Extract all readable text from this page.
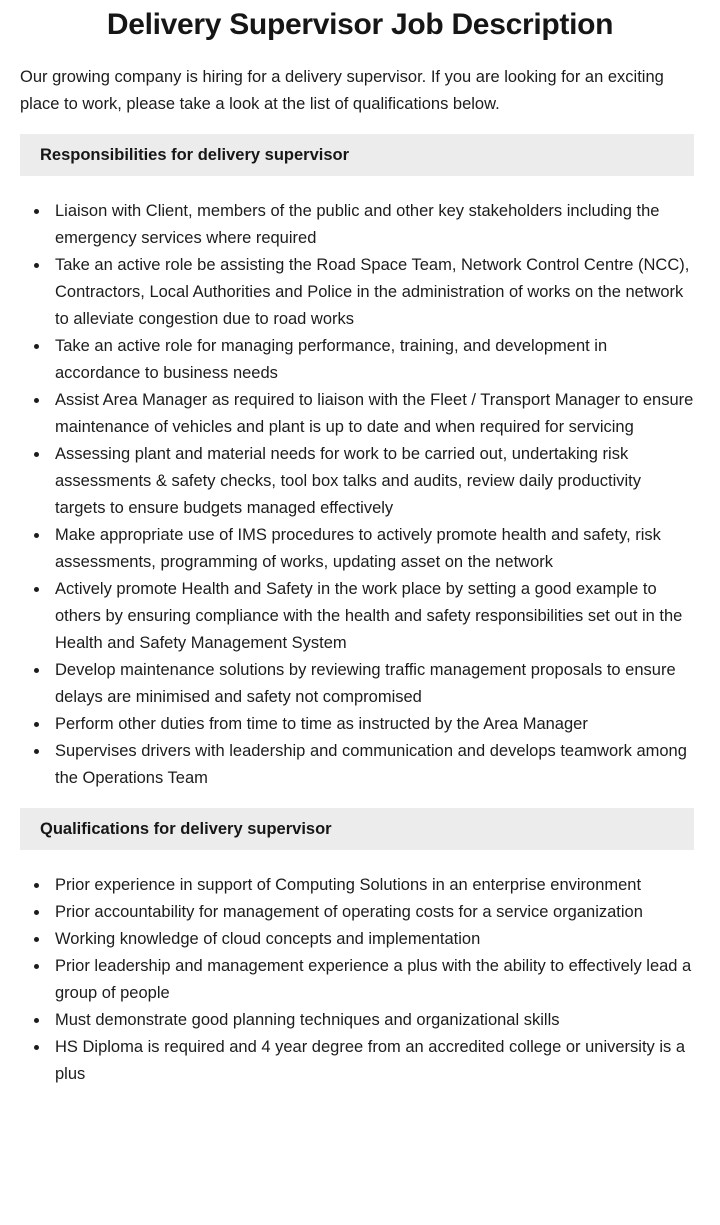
Delivery Supervisor Job Description

Our growing company is hiring for a delivery supervisor. If you are looking for an exciting place to work, please take a look at the list of qualifications below.

Responsibilities for delivery supervisor
• Liaison with Client, members of the public and other key stakeholders including the emergency services where required
• Take an active role be assisting the Road Space Team, Network Control Centre (NCC), Contractors, Local Authorities and Police in the administration of works on the network to alleviate congestion due to road works
• Take an active role for managing performance, training, and development in accordance to business needs
• Assist Area Manager as required to liaison with the Fleet / Transport Manager to ensure maintenance of vehicles and plant is up to date and when required for servicing
• Assessing plant and material needs for work to be carried out, undertaking risk assessments & safety checks, tool box talks and audits, review daily productivity targets to ensure budgets managed effectively
• Make appropriate use of IMS procedures to actively promote health and safety, risk assessments, programming of works, updating asset on the network
• Actively promote Health and Safety in the work place by setting a good example to others by ensuring compliance with the health and safety responsibilities set out in the Health and Safety Management System
• Develop maintenance solutions by reviewing traffic management proposals to ensure delays are minimised and safety not compromised
• Perform other duties from time to time as instructed by the Area Manager
• Supervises drivers with leadership and communication and develops teamwork among the Operations Team
Qualifications for delivery supervisor
• Prior experience in support of Computing Solutions in an enterprise environment
• Prior accountability for management of operating costs for a service organization
• Working knowledge of cloud concepts and implementation
• Prior leadership and management experience a plus with the ability to effectively lead a group of people
• Must demonstrate good planning techniques and organizational skills
• HS Diploma is required and 4 year degree from an accredited college or university is a plus
